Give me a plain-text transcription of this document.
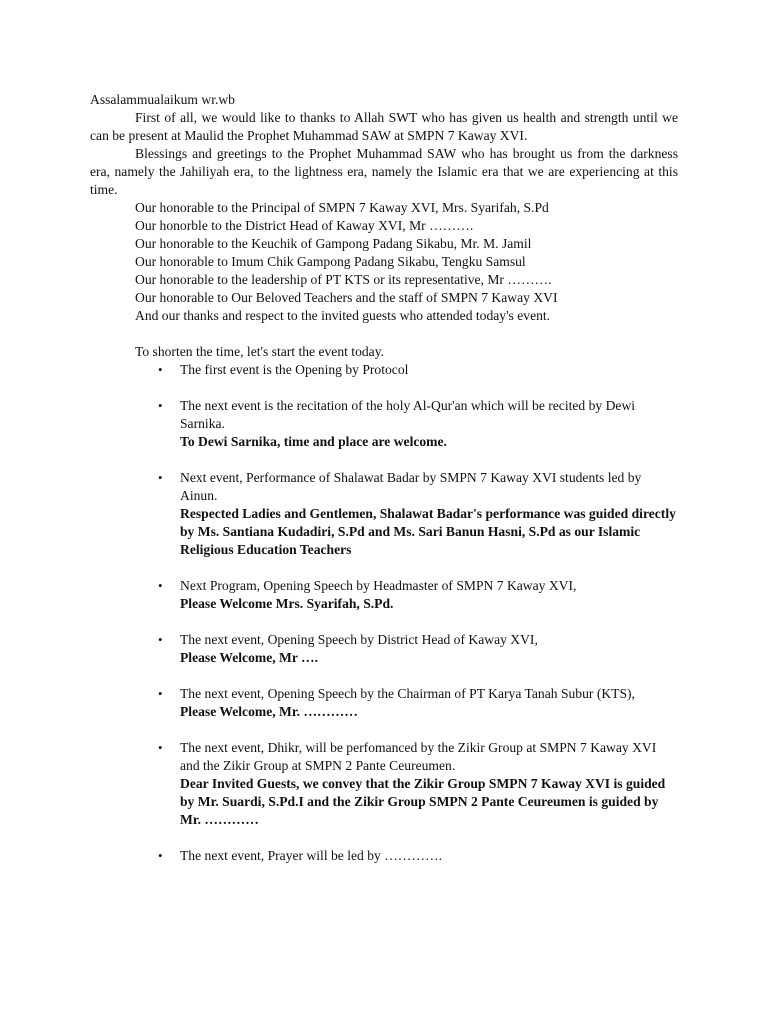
Assalammualaikum wr.wb

First of all, we would like to thanks to Allah SWT who has given us health and strength until we can be present at Maulid the Prophet Muhammad SAW at SMPN 7 Kaway XVI.

Blessings and greetings to the Prophet Muhammad SAW who has brought us from the darkness era, namely the Jahiliyah era, to the lightness era, namely the Islamic era that we are experiencing at this time.

Our honorable to the Principal of SMPN 7 Kaway XVI, Mrs. Syarifah, S.Pd

Our honorble to the District Head of Kaway XVI, Mr ……….

Our honorable to the Keuchik of Gampong Padang Sikabu, Mr. M. Jamil

Our honorable to Imum Chik Gampong Padang Sikabu, Tengku Samsul

Our honorable to the leadership of PT KTS or its representative, Mr ……….

Our honorable to Our Beloved Teachers and the staff of SMPN 7 Kaway XVI

And our thanks and respect to the invited guests who attended today's event.

To shorten the time, let's start the event today.

• The first event is the Opening by Protocol
• The next event is the recitation of the holy Al-Qur'an which will be recited by Dewi Sarnika.
To Dewi Sarnika, time and place are welcome.
• Next event, Performance of Shalawat Badar by SMPN 7 Kaway XVI students led by Ainun.
Respected Ladies and Gentlemen, Shalawat Badar's performance was guided directly by Ms. Santiana Kudadiri, S.Pd and Ms. Sari Banun Hasni, S.Pd as our Islamic Religious Education Teachers
• Next Program, Opening Speech by Headmaster of SMPN 7 Kaway XVI,
Please Welcome Mrs. Syarifah, S.Pd.
• The next event, Opening Speech by District Head of Kaway XVI,
Please Welcome, Mr ….
• The next event, Opening Speech by the Chairman of PT Karya Tanah Subur (KTS),
Please Welcome, Mr. …………
• The next event, Dhikr, will be perfomanced by the Zikir Group at SMPN 7 Kaway XVI and the Zikir Group at SMPN 2 Pante Ceureumen.
Dear Invited Guests, we convey that the Zikir Group SMPN 7 Kaway XVI is guided by Mr. Suardi, S.Pd.I and the Zikir Group SMPN 2 Pante Ceureumen is guided by Mr. …………
• The next event, Prayer will be led by ………….
